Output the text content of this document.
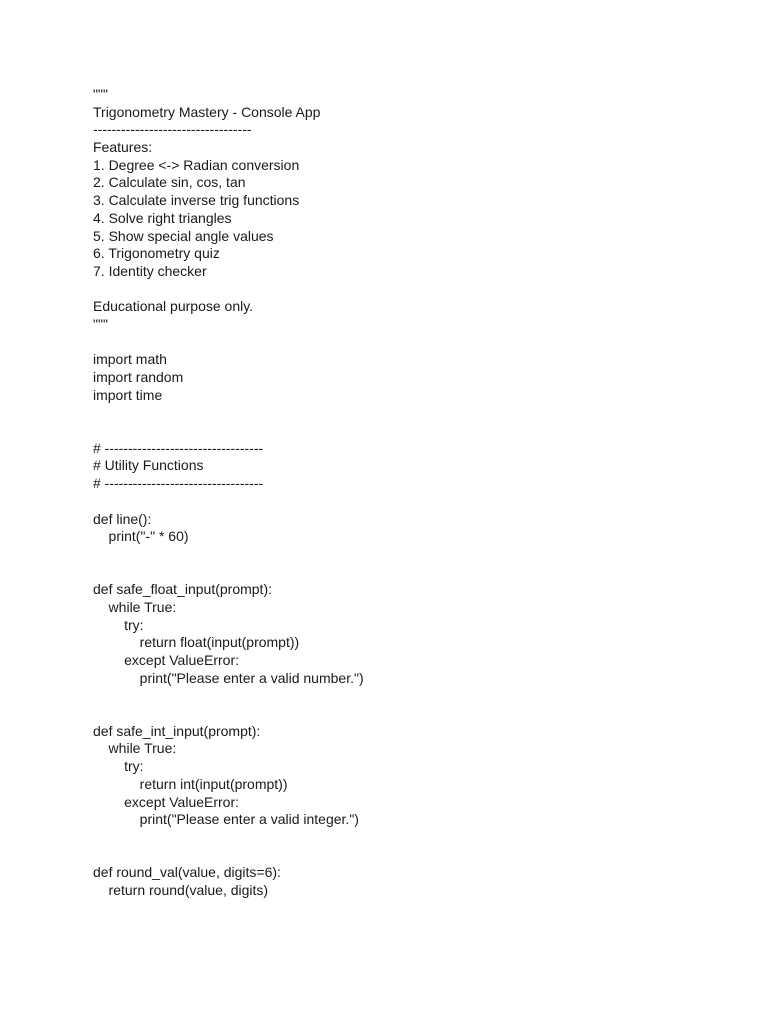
"""
Trigonometry Mastery - Console App
----------------------------------
Features:
1. Degree <-> Radian conversion
2. Calculate sin, cos, tan
3. Calculate inverse trig functions
4. Solve right triangles
5. Show special angle values
6. Trigonometry quiz
7. Identity checker
Educational purpose only.
"""
import math
import random
import time
# ----------------------------------
# Utility Functions
# ----------------------------------
def line():
print("-" * 60)
def safe_float_input(prompt):
while True:
try:
return float(input(prompt))
except ValueError:
print("Please enter a valid number.")
def safe_int_input(prompt):
while True:
try:
return int(input(prompt))
except ValueError:
print("Please enter a valid integer.")
def round_val(value, digits=6):
return round(value, digits)
